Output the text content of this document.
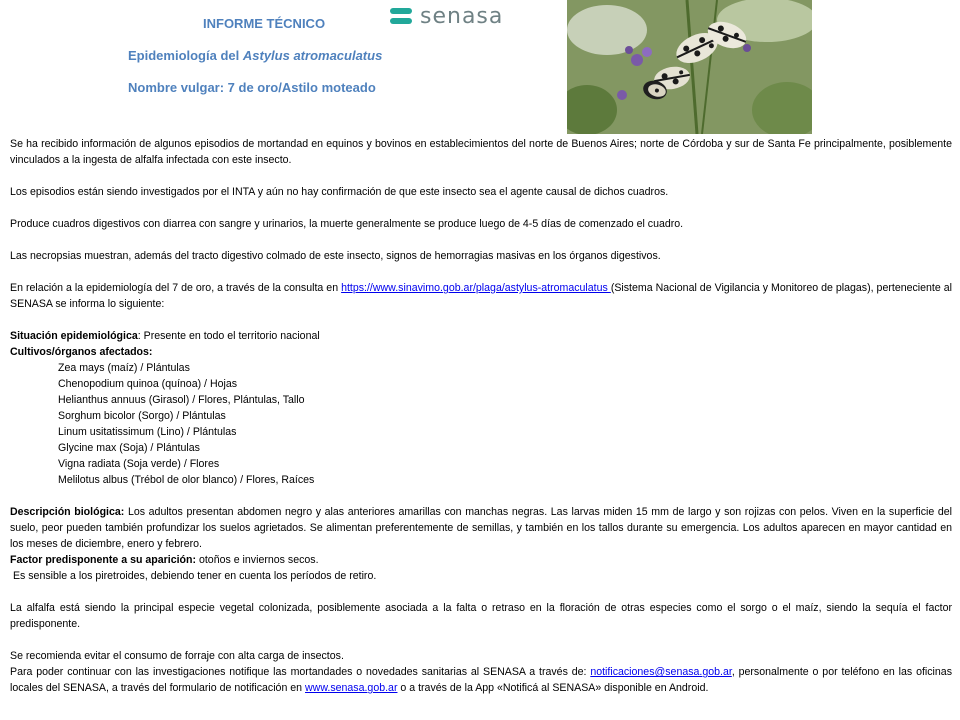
INFORME TÉCNICO
Epidemiología del Astylus atromaculatus
Nombre vulgar: 7 de oro/Astilo moteado
senasa

Se ha recibido información de algunos episodios de mortandad en equinos y bovinos en establecimientos del norte de Buenos Aires; norte de Córdoba y sur de Santa Fe principalmente, posiblemente vinculados a la ingesta de alfalfa infectada con este insecto.

Los episodios están siendo investigados por el INTA y aún no hay confirmación de que este insecto sea el agente causal de dichos cuadros.

Produce cuadros digestivos con diarrea con sangre y urinarios, la muerte generalmente se produce luego de 4-5 días de comenzado el cuadro.

Las necropsias muestran, además del tracto digestivo colmado de este insecto, signos de hemorragias masivas en los órganos digestivos.

En relación a la epidemiología del 7 de oro, a través de la consulta en https://www.sinavimo.gob.ar/plaga/astylus-atromaculatus (Sistema Nacional de Vigilancia y Monitoreo de plagas), perteneciente al SENASA se informa lo siguiente:

Situación epidemiológica: Presente en todo el territorio nacional
Cultivos/órganos afectados:
Zea mays (maíz) / Plántulas
Chenopodium quinoa (quínoa) / Hojas
Helianthus annuus (Girasol) / Flores, Plántulas, Tallo
Sorghum bicolor (Sorgo) / Plántulas
Linum usitatissimum (Lino) / Plántulas
Glycine max (Soja) / Plántulas
Vigna radiata (Soja verde) / Flores
Melilotus albus (Trébol de olor blanco) / Flores, Raíces

Descripción biológica: Los adultos presentan abdomen negro y alas anteriores amarillas con manchas negras. Las larvas miden 15 mm de largo y son rojizas con pelos. Viven en la superficie del suelo, peor pueden también profundizar los suelos agrietados. Se alimentan preferentemente de semillas, y también en los tallos durante su emergencia. Los adultos aparecen en mayor cantidad en los meses de diciembre, enero y febrero.

Factor predisponente a su aparición: otoños e inviernos secos.
Es sensible a los piretroides, debiendo tener en cuenta los períodos de retiro.

La alfalfa está siendo la principal especie vegetal colonizada, posiblemente asociada a la falta o retraso en la floración de otras especies como el sorgo o el maíz, siendo la sequía el factor predisponente.

Se recomienda evitar el consumo de forraje con alta carga de insectos.

Para poder continuar con las investigaciones notifique las mortandades o novedades sanitarias al SENASA a través de: notificaciones@senasa.gob.ar, personalmente o por teléfono en las oficinas locales del SENASA, a través del formulario de notificación en www.senasa.gob.ar o a través de la App «Notificá al SENASA» disponible en Android.
